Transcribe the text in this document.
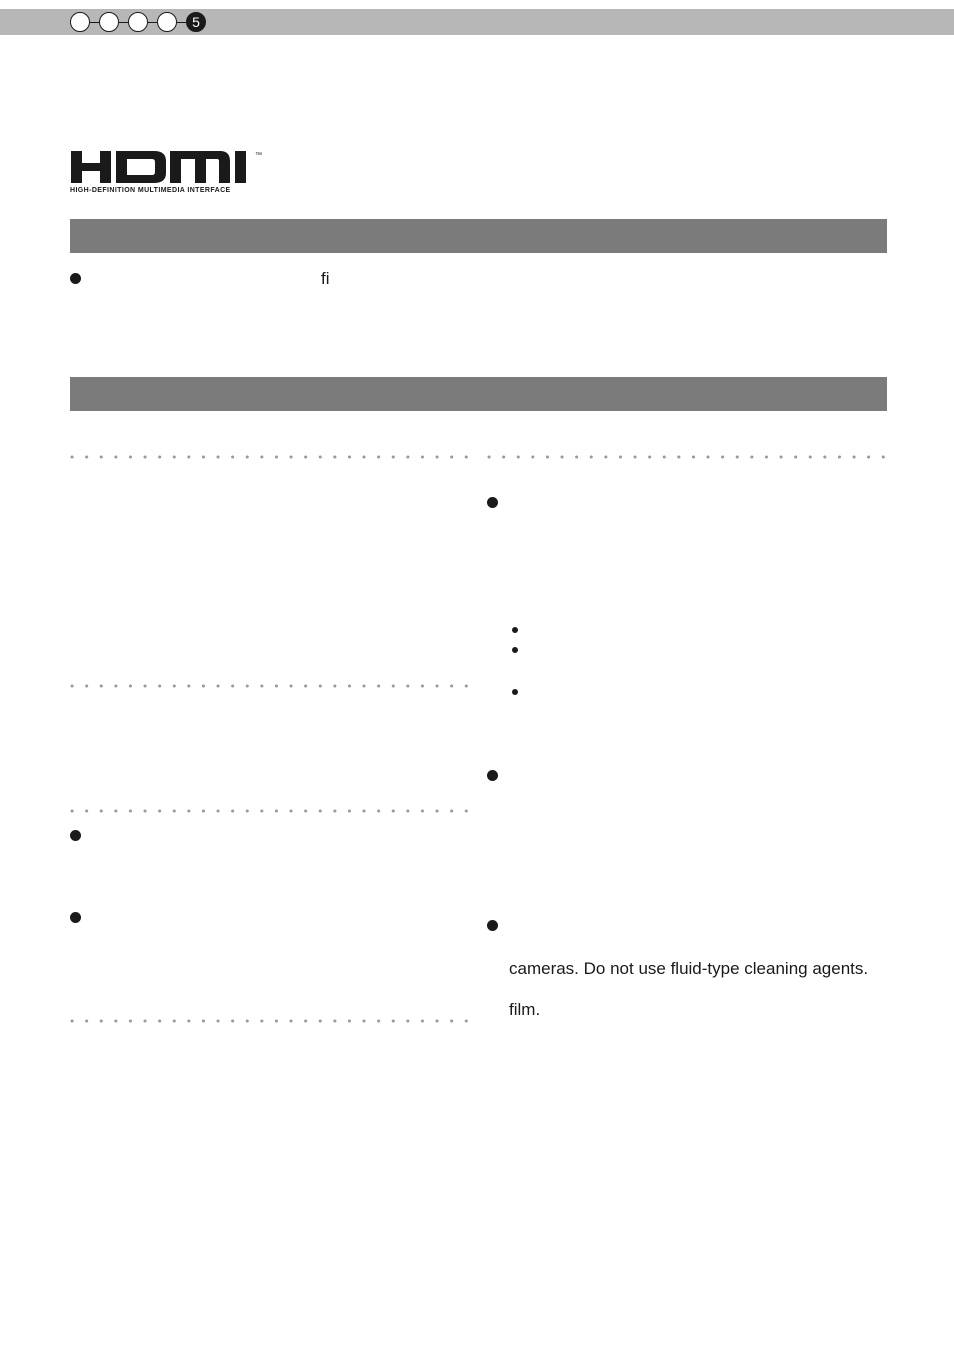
5
™
HIGH-DEFINITION MULTIMEDIA INTERFACE
fi
cameras. Do not use fluid-type cleaning agents.
film.
